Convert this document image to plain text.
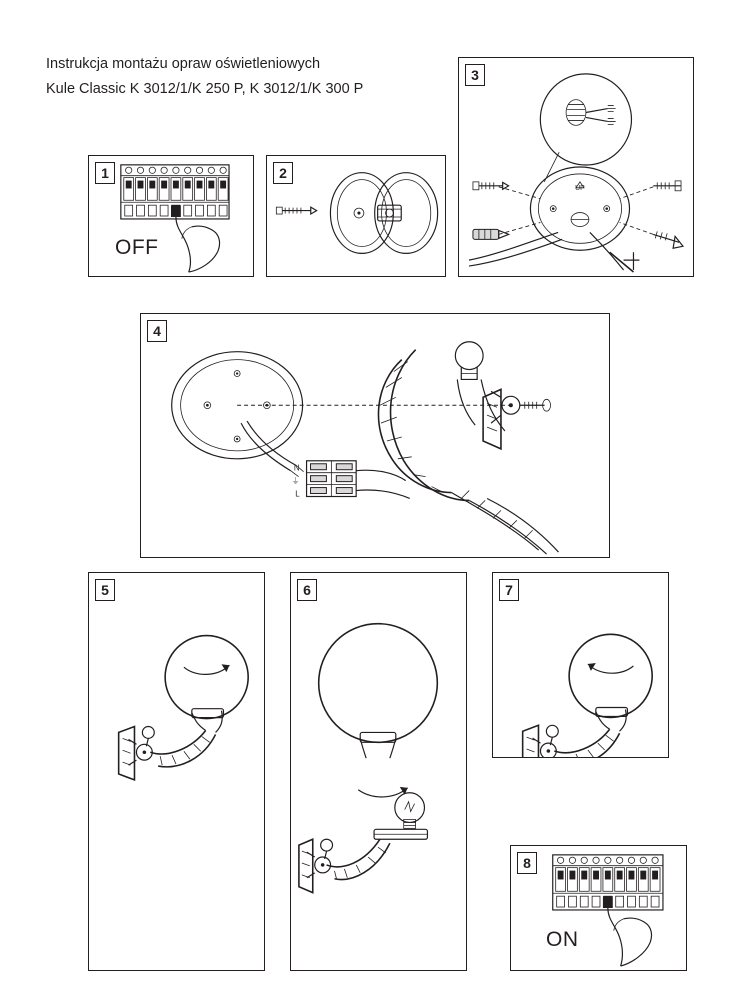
Instrukcja montażu opraw oświetleniowych
Kule Classic K 3012/1/K 250 P, K 3012/1/K 300 P
1
OFF
2
3
UP
4
N
⏚
L
5	6	7
8
ON
